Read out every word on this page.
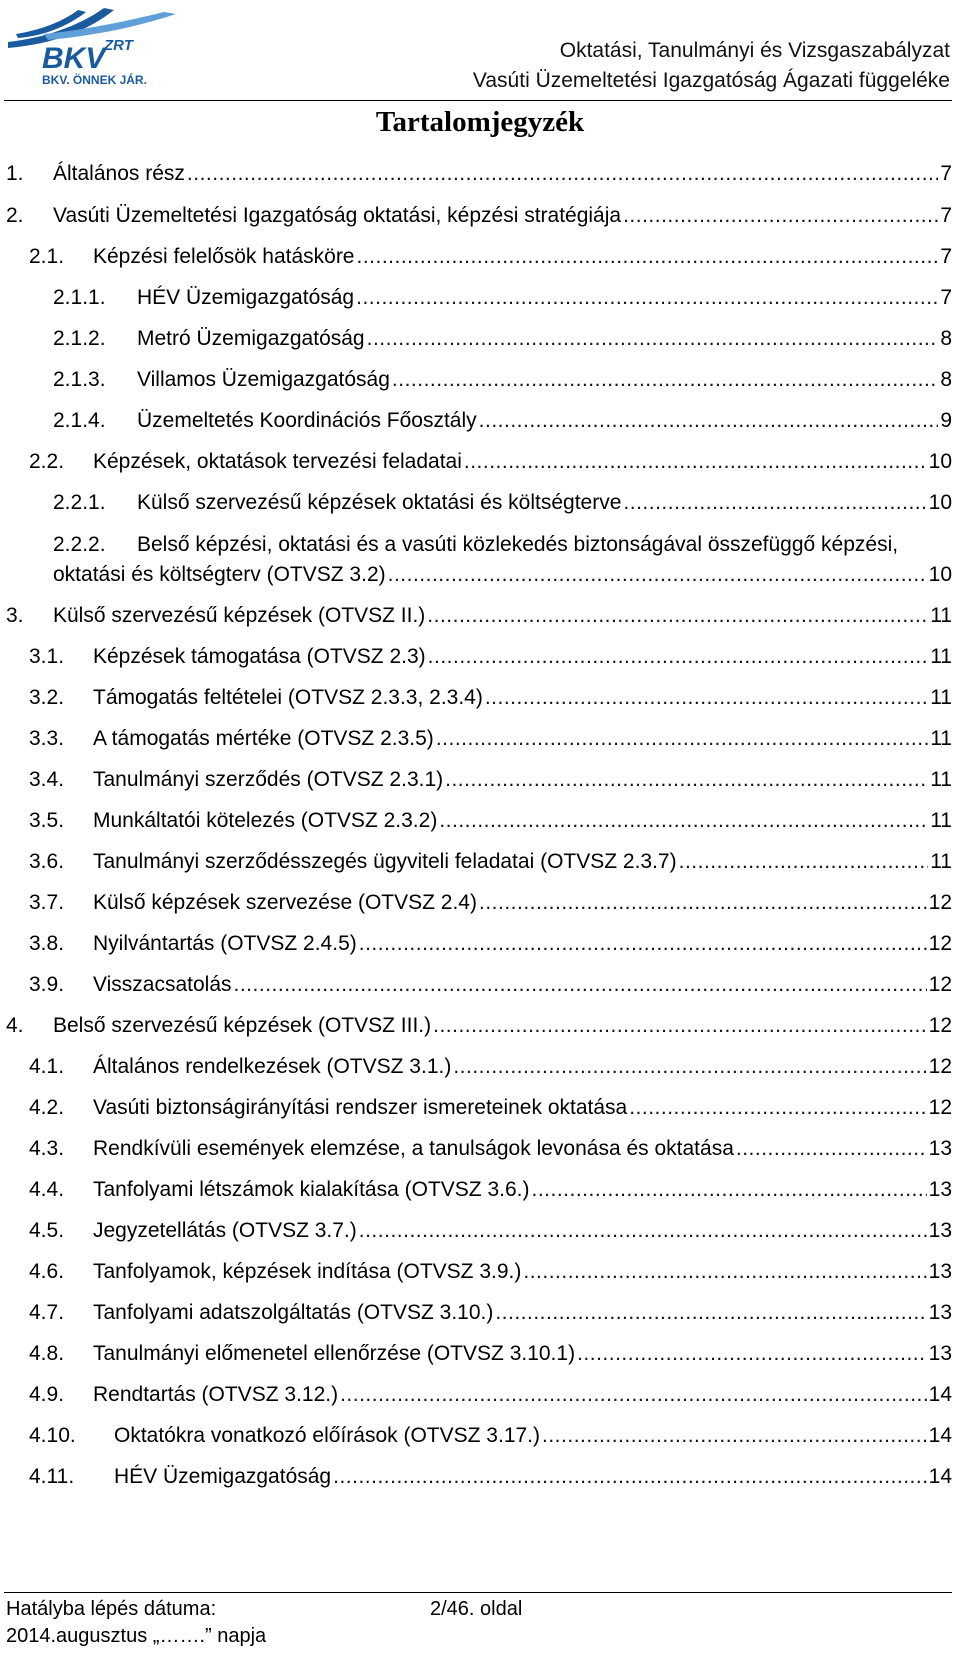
BKV
ZRT
BKV. ÖNNEK JÁR.
Oktatási, Tanulmányi és Vizsgaszabályzat
Vasúti Üzemeltetési Igazgatóság Ágazati függeléke
Tartalomjegyzék
1. Általános rész .....	7
2. Vasúti Üzemeltetési Igazgatóság oktatási, képzési stratégiája .....	7
2.1. Képzési felelősök hatásköre .....	7
2.1.1. HÉV Üzemigazgatóság .....	7
2.1.2. Metró Üzemigazgatóság .....	8
2.1.3. Villamos Üzemigazgatóság .....	8
2.1.4. Üzemeltetés Koordinációs Főosztály .....	9
2.2. Képzések, oktatások tervezési feladatai .....	10
2.2.1. Külső szervezésű képzések oktatási és költségterve .....	10
2.2.2. Belső képzési, oktatási és a vasúti közlekedés biztonságával összefüggő képzési,
oktatási és költségterv (OTVSZ 3.2) .....	10
3. Külső szervezésű képzések (OTVSZ II.) .....	11
3.1. Képzések támogatása (OTVSZ 2.3) .....	11
3.2. Támogatás feltételei (OTVSZ 2.3.3, 2.3.4) .....	11
3.3. A támogatás mértéke (OTVSZ 2.3.5) .....	11
3.4. Tanulmányi szerződés (OTVSZ 2.3.1) .....	11
3.5. Munkáltatói kötelezés (OTVSZ 2.3.2) .....	11
3.6. Tanulmányi szerződésszegés ügyviteli feladatai (OTVSZ 2.3.7) .....	11
3.7. Külső képzések szervezése (OTVSZ 2.4) .....	12
3.8. Nyilvántartás (OTVSZ 2.4.5) .....	12
3.9. Visszacsatolás .....	12
4. Belső szervezésű képzések (OTVSZ III.) .....	12
4.1. Általános rendelkezések (OTVSZ 3.1.) .....	12
4.2. Vasúti biztonságirányítási rendszer ismereteinek oktatása .....	12
4.3. Rendkívüli események elemzése, a tanulságok levonása és oktatása .....	13
4.4. Tanfolyami létszámok kialakítása (OTVSZ 3.6.) .....	13
4.5. Jegyzetellátás (OTVSZ 3.7.) .....	13
4.6. Tanfolyamok, képzések indítása (OTVSZ 3.9.) .....	13
4.7. Tanfolyami adatszolgáltatás (OTVSZ 3.10.) .....	13
4.8. Tanulmányi előmenetel ellenőrzése (OTVSZ 3.10.1) .....	13
4.9. Rendtartás (OTVSZ 3.12.) .....	14
4.10. Oktatókra vonatkozó előírások (OTVSZ 3.17.) .....	14
4.11. HÉV Üzemigazgatóság .....	14
Hatályba lépés dátuma:
2014.augusztus „…….” napja
2/46. oldal
